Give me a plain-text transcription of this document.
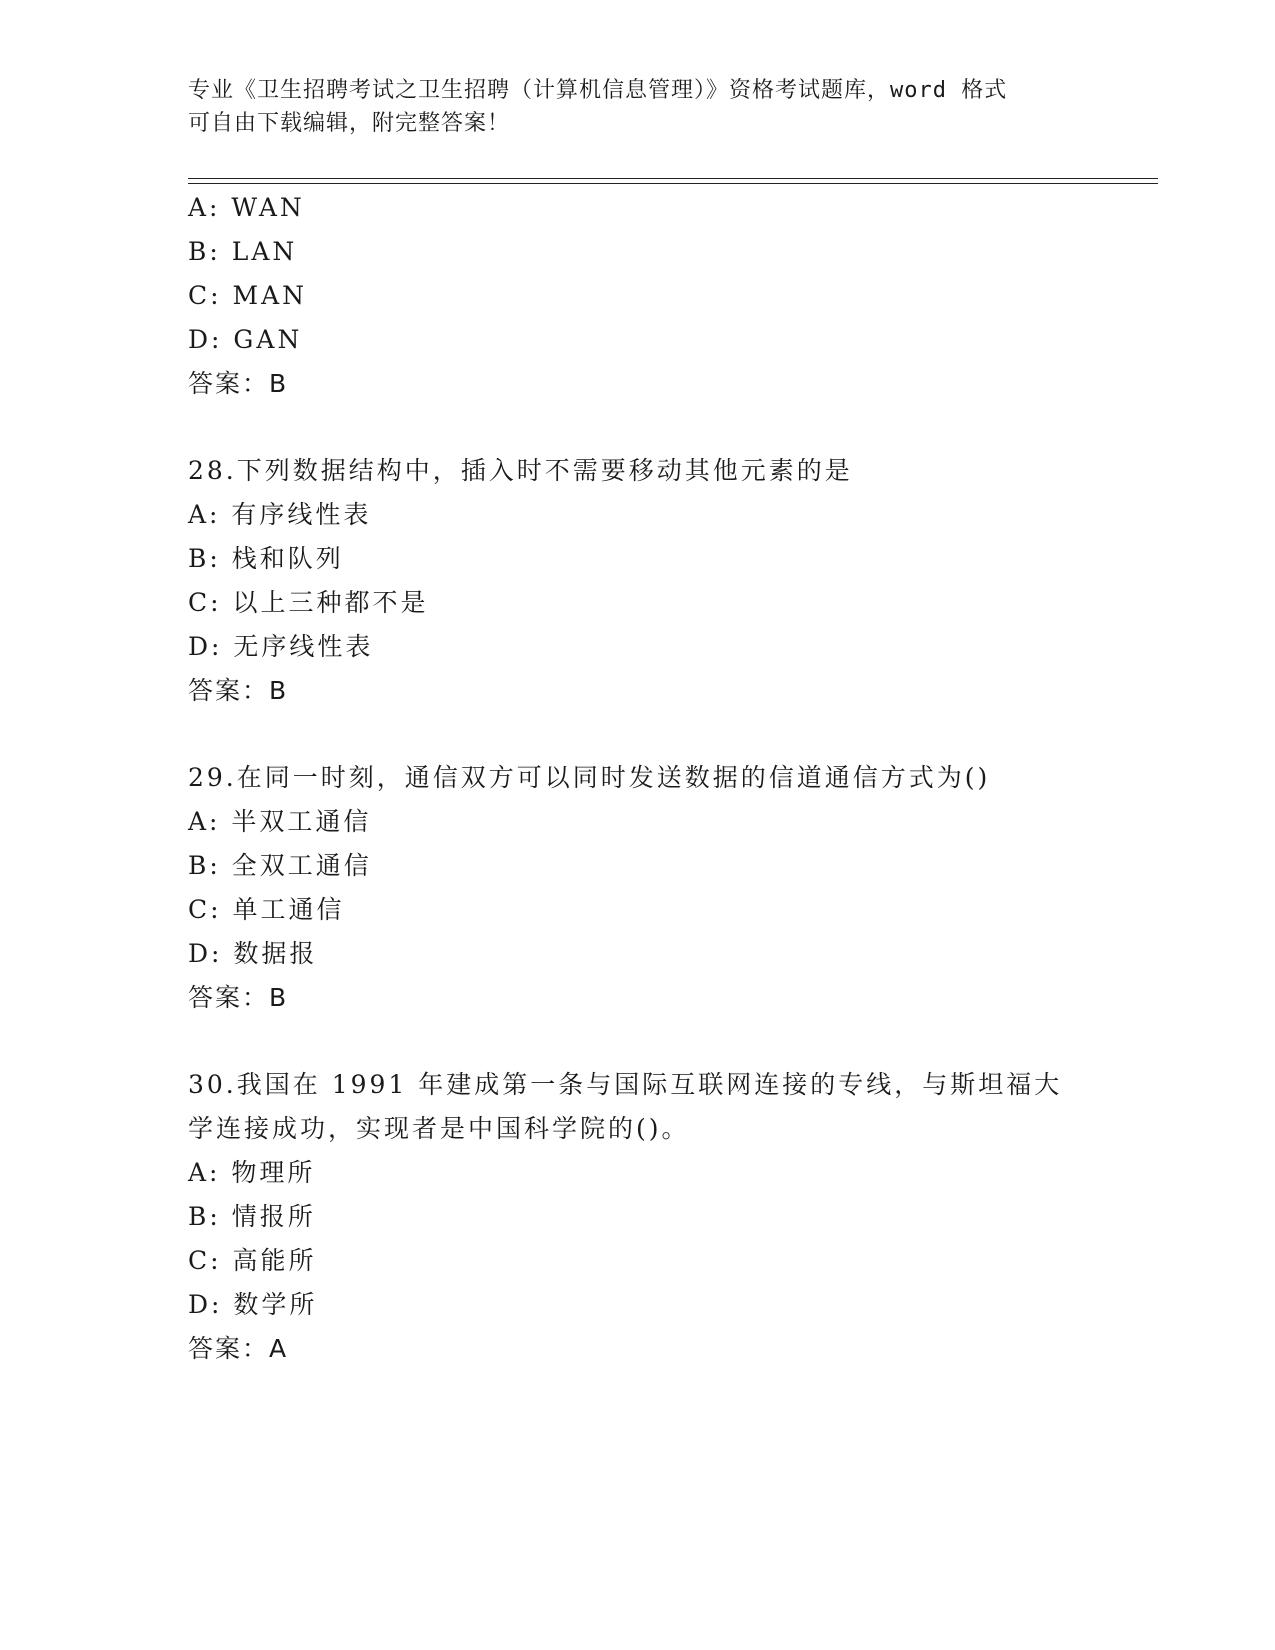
专业《卫生招聘考试之卫生招聘（计算机信息管理）》资格考试题库，word 格式
可自由下载编辑，附完整答案！
A: WAN
B: LAN
C: MAN
D: GAN
答案：B
28.下列数据结构中，插入时不需要移动其他元素的是
A: 有序线性表
B: 栈和队列
C: 以上三种都不是
D: 无序线性表
答案：B
29.在同一时刻，通信双方可以同时发送数据的信道通信方式为()
A: 半双工通信
B: 全双工通信
C: 单工通信
D: 数据报
答案：B
30.我国在 1991 年建成第一条与国际互联网连接的专线，与斯坦福大
学连接成功，实现者是中国科学院的()。
A: 物理所
B: 情报所
C: 高能所
D: 数学所
答案：A
